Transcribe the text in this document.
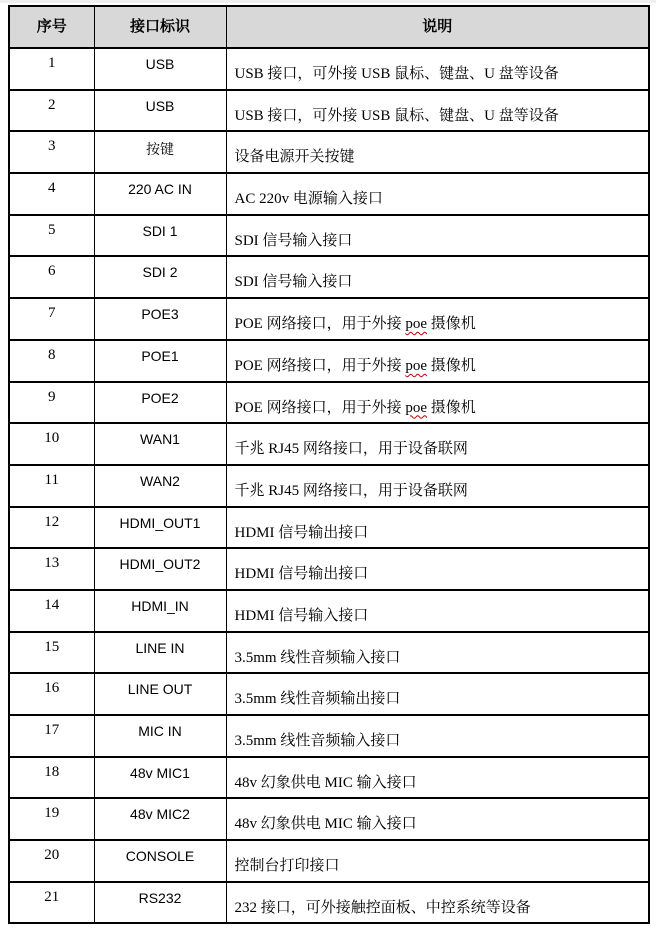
序号	接口标识	说明
1	USB	USB 接口，可外接 USB 鼠标、键盘、U 盘等设备
2	USB	USB 接口，可外接 USB 鼠标、键盘、U 盘等设备
3	按键	设备电源开关按键
4	220 AC IN	AC 220v 电源输入接口
5	SDI 1	SDI 信号输入接口
6	SDI 2	SDI 信号输入接口
7	POE3	POE 网络接口，用于外接 poe 摄像机
8	POE1	POE 网络接口，用于外接 poe 摄像机
9	POE2	POE 网络接口，用于外接 poe 摄像机
10	WAN1	千兆 RJ45 网络接口，用于设备联网
11	WAN2	千兆 RJ45 网络接口，用于设备联网
12	HDMI_OUT1	HDMI 信号输出接口
13	HDMI_OUT2	HDMI 信号输出接口
14	HDMI_IN	HDMI 信号输入接口
15	LINE IN	3.5mm 线性音频输入接口
16	LINE OUT	3.5mm 线性音频输出接口
17	MIC IN	3.5mm 线性音频输入接口
18	48v MIC1	48v 幻象供电 MIC 输入接口
19	48v MIC2	48v 幻象供电 MIC 输入接口
20	CONSOLE	控制台打印接口
21	RS232	232 接口，可外接触控面板、中控系统等设备
